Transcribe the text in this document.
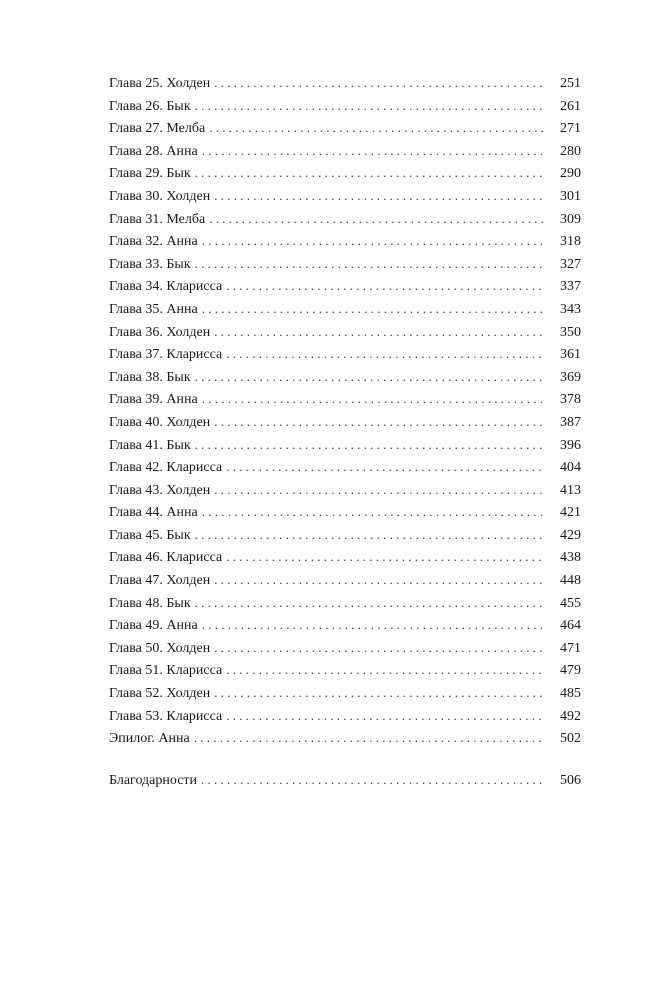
Глава 25. Холден . . .	251
Глава 26. Бык . . .	261
Глава 27. Мелба . . .	271
Глава 28. Анна . . .	280
Глава 29. Бык . . .	290
Глава 30. Холден . . .	301
Глава 31. Мелба . . .	309
Глава 32. Анна . . .	318
Глава 33. Бык . . .	327
Глава 34. Кларисса . . .	337
Глава 35. Анна . . .	343
Глава 36. Холден . . .	350
Глава 37. Кларисса . . .	361
Глава 38. Бык . . .	369
Глава 39. Анна . . .	378
Глава 40. Холден . . .	387
Глава 41. Бык . . .	396
Глава 42. Кларисса . . .	404
Глава 43. Холден . . .	413
Глава 44. Анна . . .	421
Глава 45. Бык . . .	429
Глава 46. Кларисса . . .	438
Глава 47. Холден . . .	448
Глава 48. Бык . . .	455
Глава 49. Анна . . .	464
Глава 50. Холден . . .	471
Глава 51. Кларисса . . .	479
Глава 52. Холден . . .	485
Глава 53. Кларисса . . .	492
Эпилог. Анна . . .	502
Благодарности . . .	506
